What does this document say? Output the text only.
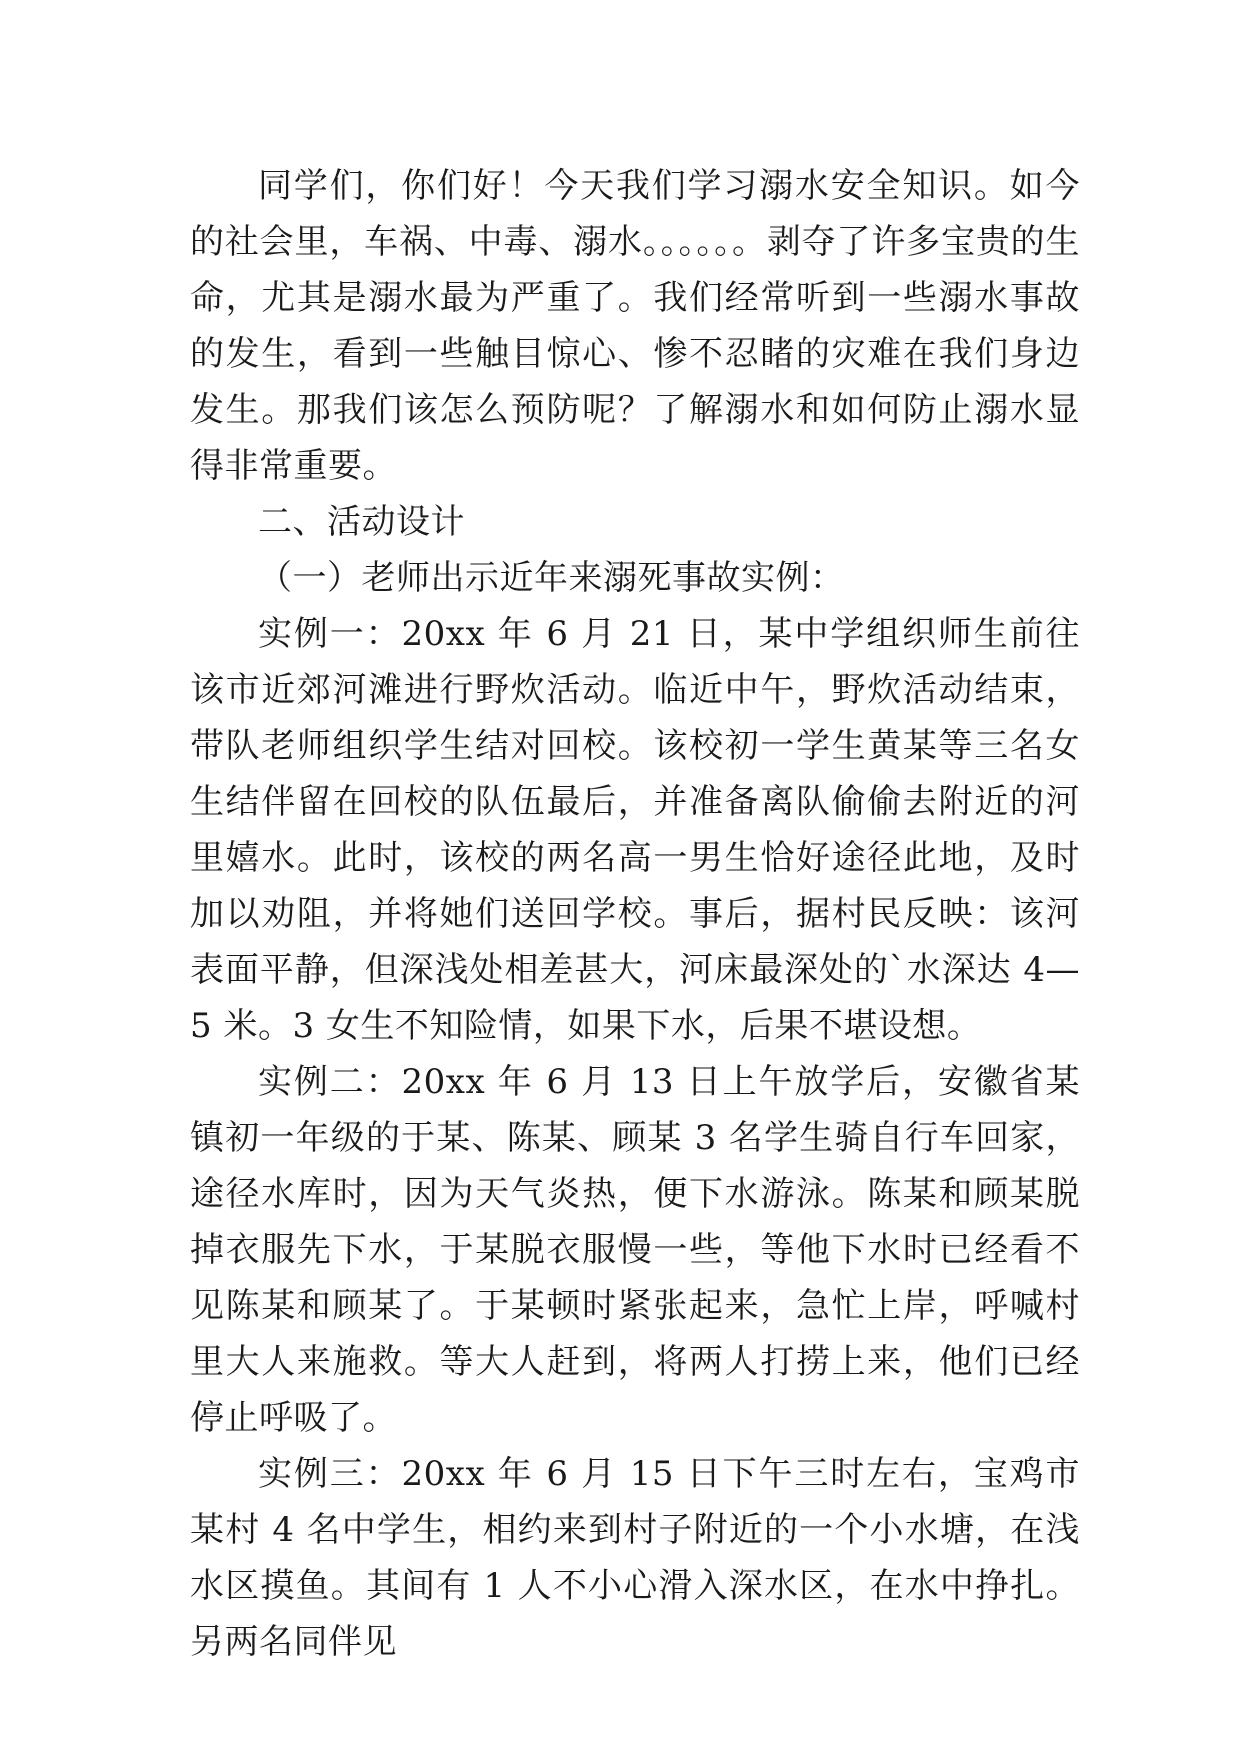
同学们，你们好！今天我们学习溺水安全知识。如今的社会里，车祸、中毒、溺水。。。。。。剥夺了许多宝贵的生命，尤其是溺水最为严重了。我们经常听到一些溺水事故的发生，看到一些触目惊心、惨不忍睹的灾难在我们身边发生。那我们该怎么预防呢？了解溺水和如何防止溺水显得非常重要。

二、活动设计

（一）老师出示近年来溺死事故实例：

实例一：20xx 年 6 月 21 日，某中学组织师生前往该市近郊河滩进行野炊活动。临近中午，野炊活动结束，带队老师组织学生结对回校。该校初一学生黄某等三名女生结伴留在回校的队伍最后，并准备离队偷偷去附近的河里嬉水。此时，该校的两名高一男生恰好途径此地，及时加以劝阻，并将她们送回学校。事后，据村民反映：该河表面平静，但深浅处相差甚大，河床最深处的`水深达 4—5 米。3 女生不知险情，如果下水，后果不堪设想。

实例二：20xx 年 6 月 13 日上午放学后，安徽省某镇初一年级的于某、陈某、顾某 3 名学生骑自行车回家，途径水库时，因为天气炎热，便下水游泳。陈某和顾某脱掉衣服先下水，于某脱衣服慢一些，等他下水时已经看不见陈某和顾某了。于某顿时紧张起来，急忙上岸，呼喊村里大人来施救。等大人赶到，将两人打捞上来，他们已经停止呼吸了。

实例三：20xx 年 6 月 15 日下午三时左右，宝鸡市某村 4 名中学生，相约来到村子附近的一个小水塘，在浅水区摸鱼。其间有 1 人不小心滑入深水区，在水中挣扎。另两名同伴见
